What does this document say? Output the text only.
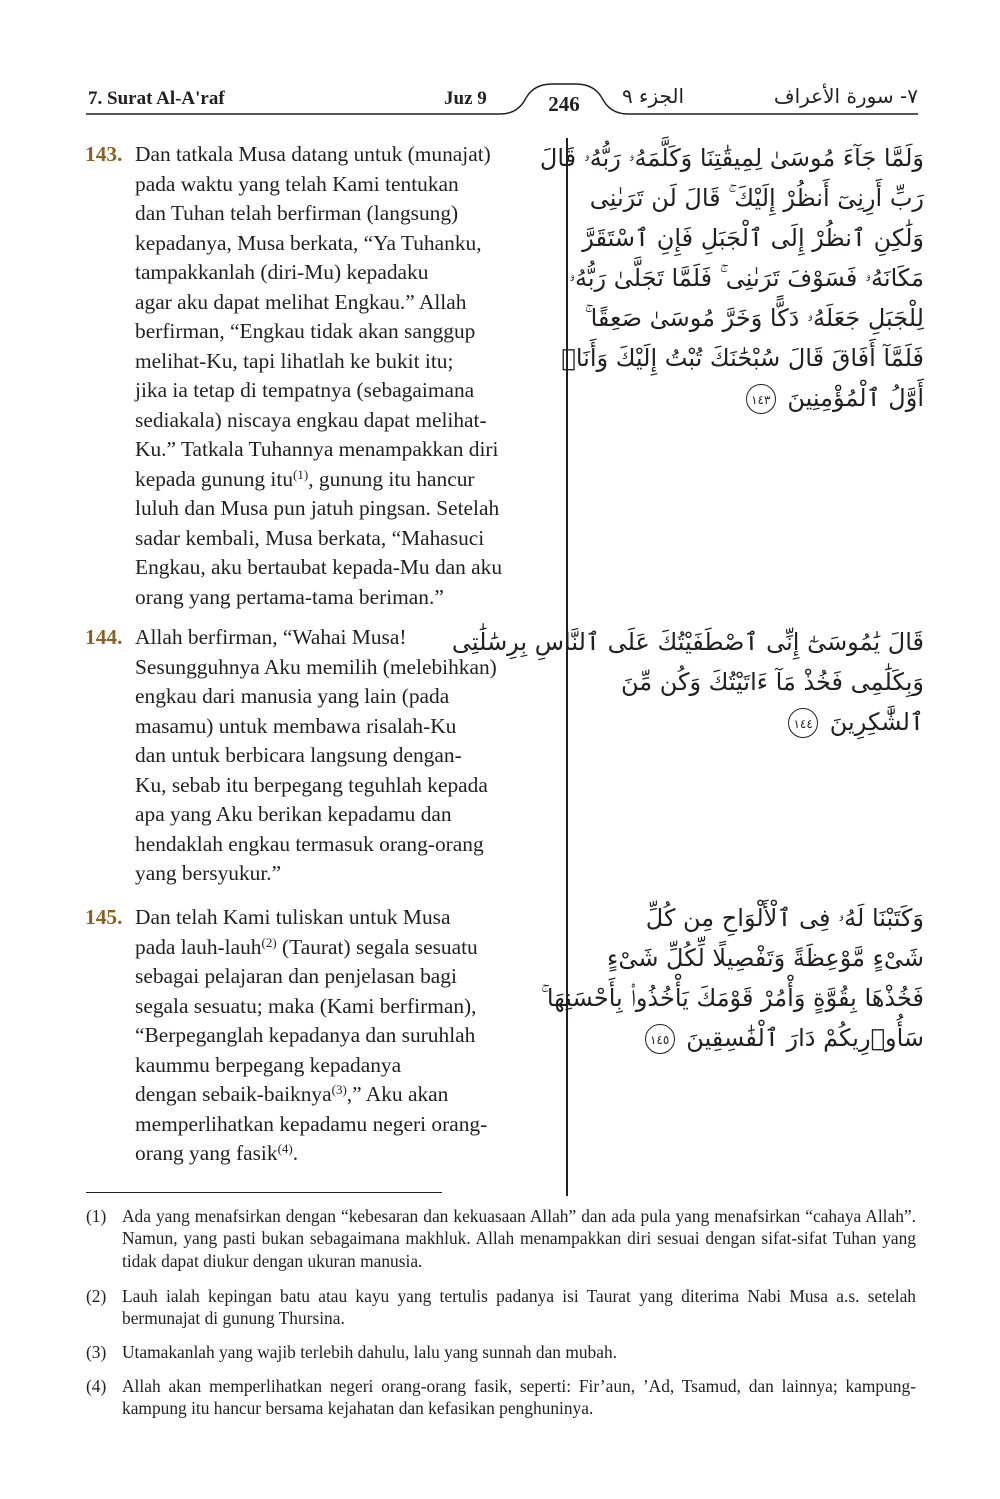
7. Surat Al-A'raf	Juz 9	246	الجزء ٩	٧- سورة الأعراف
143. Dan tatkala Musa datang untuk (munajat)
pada waktu yang telah Kami tentukan
dan Tuhan telah berfirman (langsung)
kepadanya, Musa berkata, “Ya Tuhanku,
tampakkanlah (diri-Mu) kepadaku
agar aku dapat melihat Engkau.” Allah
berfirman, “Engkau tidak akan sanggup
melihat-Ku, tapi lihatlah ke bukit itu;
jika ia tetap di tempatnya (sebagaimana
sediakala) niscaya engkau dapat melihat-
Ku.” Tatkala Tuhannya menampakkan diri
kepada gunung itu$^{(1)}$, gunung itu hancur
luluh dan Musa pun jatuh pingsan. Setelah
sadar kembali, Musa berkata, “Mahasuci
Engkau, aku bertaubat kepada-Mu dan aku
orang yang pertama-tama beriman.”
وَلَمَّا جَآءَ مُوسَىٰ لِمِيقَٰتِنَا وَكَلَّمَهُۥ رَبُّهُۥ قَالَ
رَبِّ أَرِنِىٓ أَنظُرْ إِلَيْكَ ۚ قَالَ لَن تَرَىٰنِى
وَلَٰكِنِ ٱنظُرْ إِلَى ٱلْجَبَلِ فَإِنِ ٱسْتَقَرَّ
مَكَانَهُۥ فَسَوْفَ تَرَىٰنِى ۚ فَلَمَّا تَجَلَّىٰ رَبُّهُۥ
لِلْجَبَلِ جَعَلَهُۥ دَكًّا وَخَرَّ مُوسَىٰ صَعِقًا ۚ
فَلَمَّآ أَفَاقَ قَالَ سُبْحَٰنَكَ تُبْتُ إِلَيْكَ وَأَنَا۠
أَوَّلُ ٱلْمُؤْمِنِينَ ١٤٣
144. Allah berfirman, “Wahai Musa!
Sesungguhnya Aku memilih (melebihkan)
engkau dari manusia yang lain (pada
masamu) untuk membawa risalah-Ku
dan untuk berbicara langsung dengan-
Ku, sebab itu berpegang teguhlah kepada
apa yang Aku berikan kepadamu dan
hendaklah engkau termasuk orang-orang
yang bersyukur.”
قَالَ يَٰمُوسَىٰٓ إِنِّى ٱصْطَفَيْتُكَ عَلَى ٱلنَّاسِ بِرِسَٰلَٰتِى
وَبِكَلَٰمِى فَخُذْ مَآ ءَاتَيْتُكَ وَكُن مِّنَ
ٱلشَّٰكِرِينَ ١٤٤
145. Dan telah Kami tuliskan untuk Musa
pada lauh-lauh$^{(2)}$ (Taurat) segala sesuatu
sebagai pelajaran dan penjelasan bagi
segala sesuatu; maka (Kami berfirman),
“Berpeganglah kepadanya dan suruhlah
kaummu berpegang kepadanya
dengan sebaik-baiknya$^{(3)}$,” Aku akan
memperlihatkan kepadamu negeri orang-
orang yang fasik$^{(4)}$.
وَكَتَبْنَا لَهُۥ فِى ٱلْأَلْوَاحِ مِن كُلِّ
شَىْءٍ مَّوْعِظَةً وَتَفْصِيلًا لِّكُلِّ شَىْءٍ
فَخُذْهَا بِقُوَّةٍ وَأْمُرْ قَوْمَكَ يَأْخُذُوا۟ بِأَحْسَنِهَا ۚ
سَأُو۟رِيكُمْ دَارَ ٱلْفَٰسِقِينَ ١٤٥
(1) Ada yang menafsirkan dengan “kebesaran dan kekuasaan Allah” dan ada pula yang menafsirkan “cahaya Allah”. Namun, yang pasti bukan sebagaimana makhluk. Allah menampakkan diri sesuai dengan sifat-sifat Tuhan yang tidak dapat diukur dengan ukuran manusia.
(2) Lauh ialah kepingan batu atau kayu yang tertulis padanya isi Taurat yang diterima Nabi Musa a.s. setelah bermunajat di gunung Thursina.
(3) Utamakanlah yang wajib terlebih dahulu, lalu yang sunnah dan mubah.
(4) Allah akan memperlihatkan negeri orang-orang fasik, seperti: Fir’aun, ’Ad, Tsamud, dan lainnya; kampung-kampung itu hancur bersama kejahatan dan kefasikan penghuninya.
